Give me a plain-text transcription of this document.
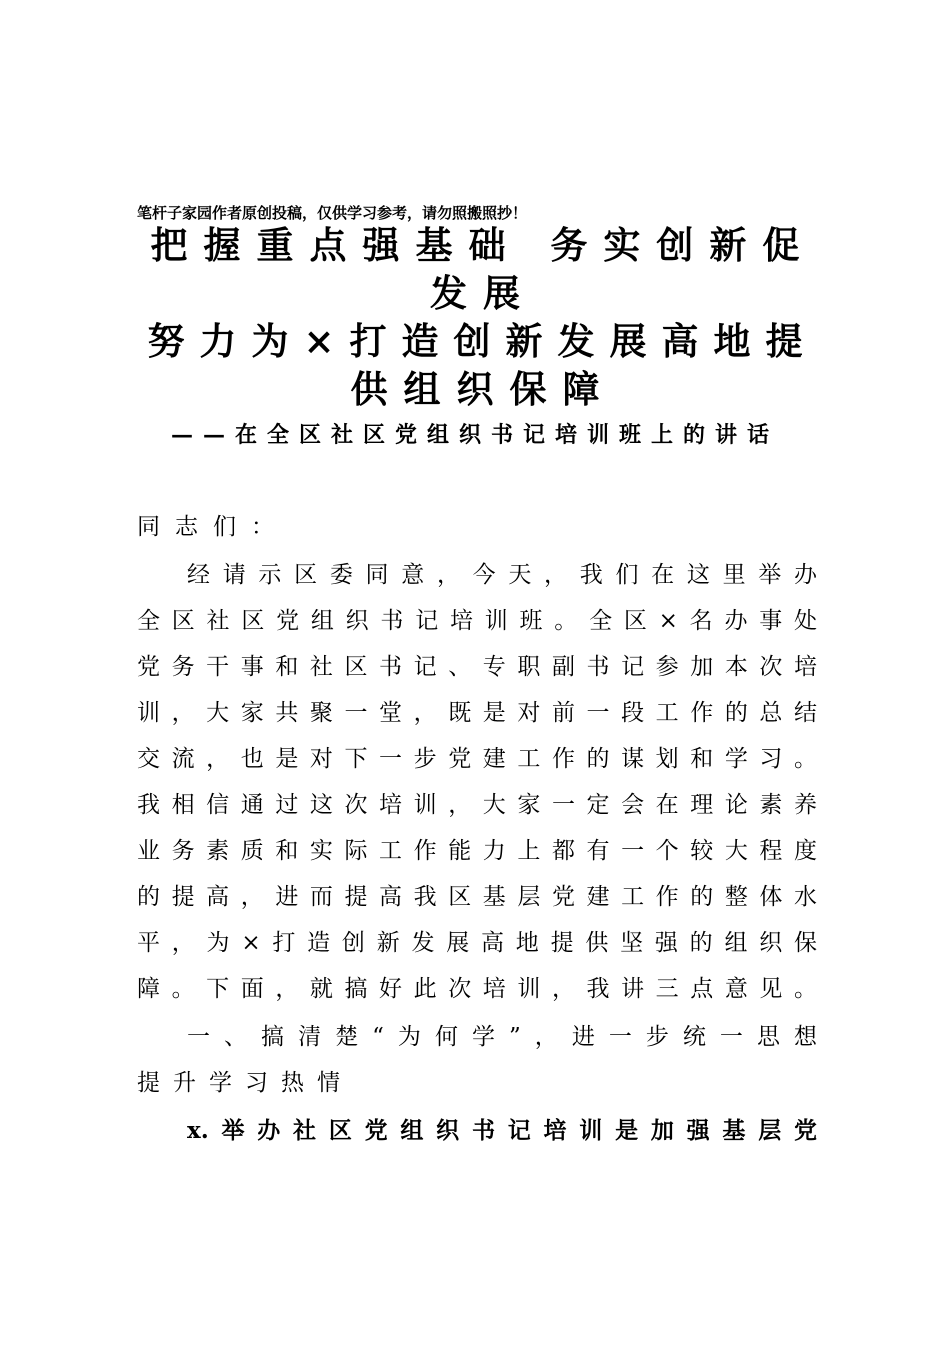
笔杆子家园作者原创投稿，仅供学习参考，请勿照搬照抄！
把握重点强基础 务实创新促
发展
努力为×打造创新发展高地提
供组织保障
——在全区社区党组织书记培训班上的讲话
同志们：
经请示区委同意，今天，我们在这里举办
全区社区党组织书记培训班。全区×名办事处
党务干事和社区书记、专职副书记参加本次培
训，大家共聚一堂，既是对前一段工作的总结
交流，也是对下一步党建工作的谋划和学习。
我相信通过这次培训，大家一定会在理论素养
业务素质和实际工作能力上都有一个较大程度
的提高，进而提高我区基层党建工作的整体水
平，为×打造创新发展高地提供坚强的组织保
障。下面，就搞好此次培训，我讲三点意见。
一、搞清楚“为何学”，进一步统一思想
提升学习热情
x.举办社区党组织书记培训是加强基层党
